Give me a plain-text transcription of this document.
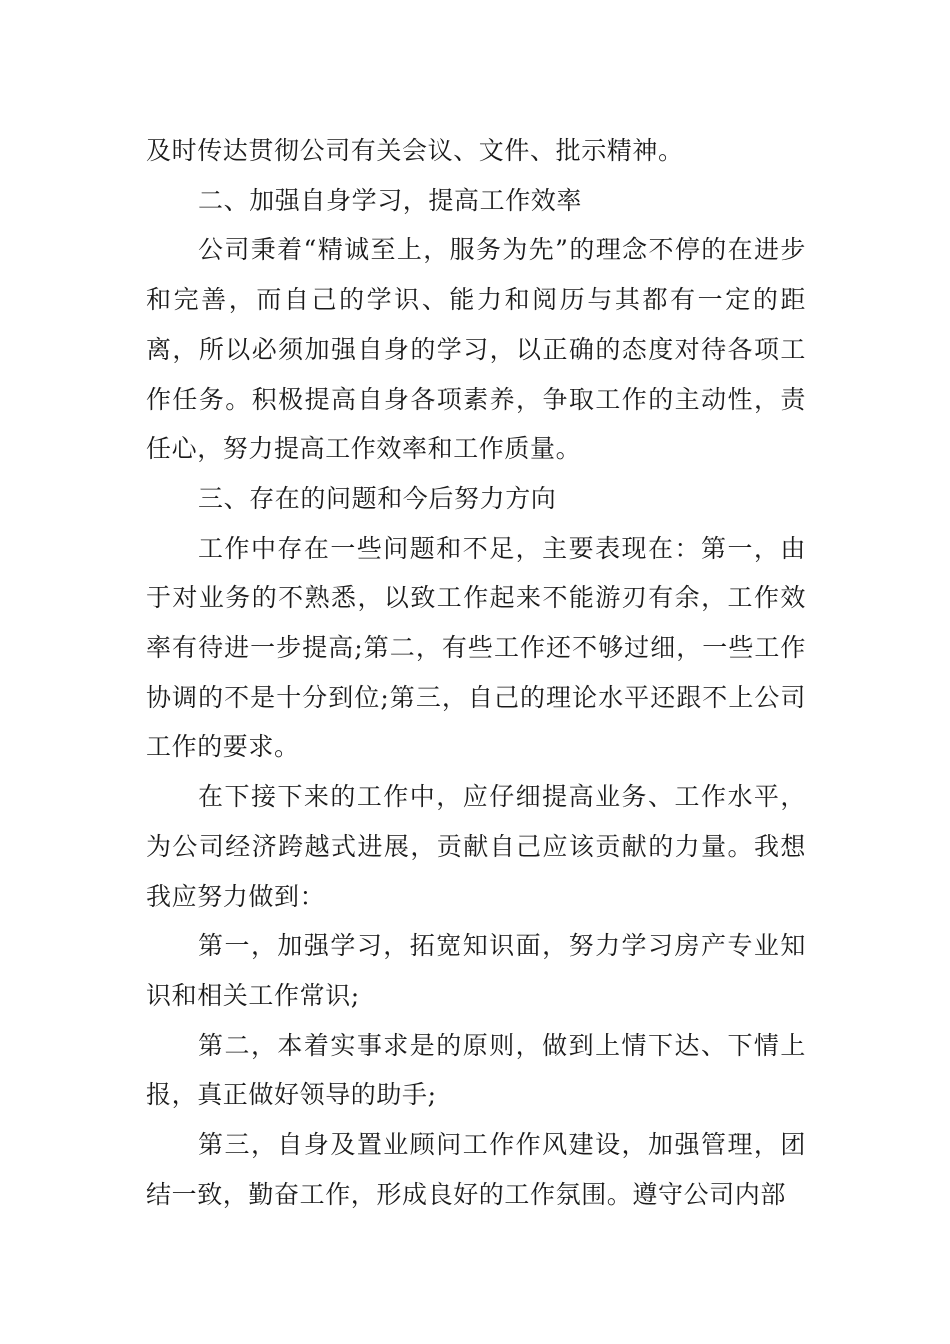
及时传达贯彻公司有关会议、文件、批示精神。

二、加强自身学习，提高工作效率

公司秉着“精诚至上，服务为先”的理念不停的在进步和完善，而自己的学识、能力和阅历与其都有一定的距离，所以必须加强自身的学习，以正确的态度对待各项工作任务。积极提高自身各项素养，争取工作的主动性，责任心，努力提高工作效率和工作质量。

三、存在的问题和今后努力方向

工作中存在一些问题和不足，主要表现在：第一，由于对业务的不熟悉，以致工作起来不能游刃有余，工作效率有待进一步提高;第二，有些工作还不够过细，一些工作协调的不是十分到位;第三，自己的理论水平还跟不上公司工作的要求。

在下接下来的工作中，应仔细提高业务、工作水平，为公司经济跨越式进展，贡献自己应该贡献的力量。我想我应努力做到：

第一，加强学习，拓宽知识面，努力学习房产专业知识和相关工作常识;

第二，本着实事求是的原则，做到上情下达、下情上报，真正做好领导的助手;

第三，自身及置业顾问工作作风建设，加强管理，团结一致，勤奋工作，形成良好的工作氛围。遵守公司内部
